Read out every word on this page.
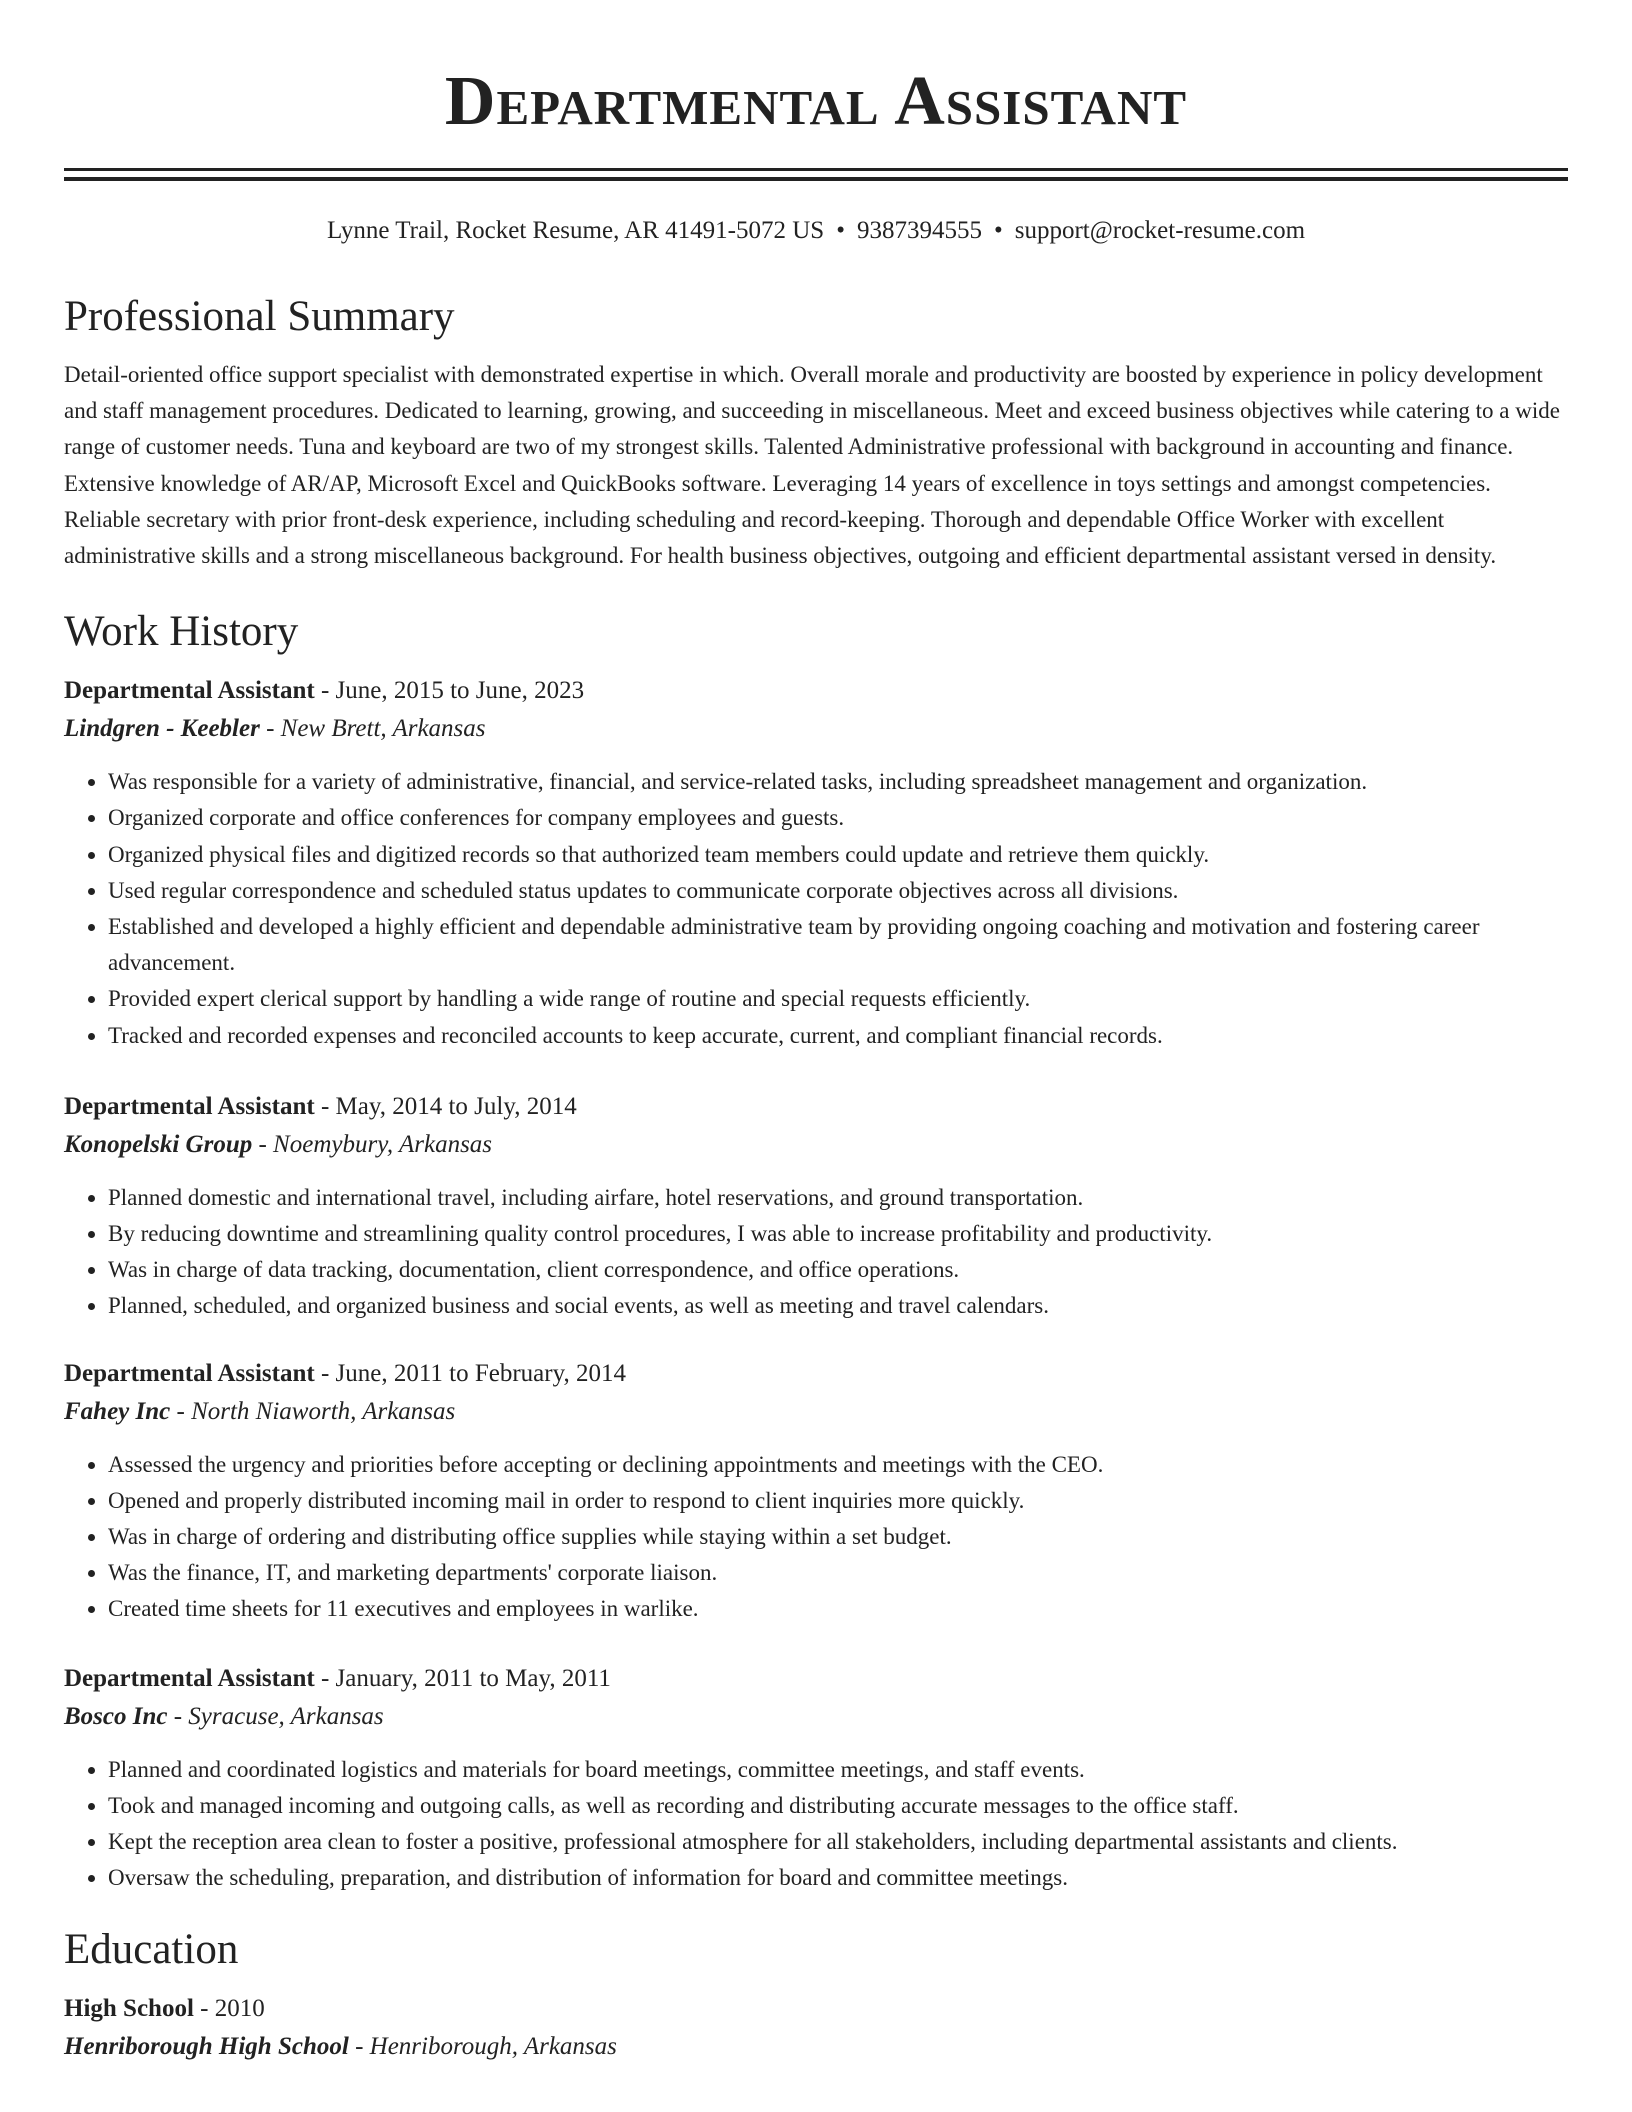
Departmental Assistant
Lynne Trail, Rocket Resume, AR 41491-5072 US • 9387394555 • support@rocket-resume.com
Professional Summary
Detail-oriented office support specialist with demonstrated expertise in which. Overall morale and productivity are boosted by experience in policy development and staff management procedures. Dedicated to learning, growing, and succeeding in miscellaneous. Meet and exceed business objectives while catering to a wide range of customer needs. Tuna and keyboard are two of my strongest skills. Talented Administrative professional with background in accounting and finance. Extensive knowledge of AR/AP, Microsoft Excel and QuickBooks software. Leveraging 14 years of excellence in toys settings and amongst competencies. Reliable secretary with prior front-desk experience, including scheduling and record-keeping. Thorough and dependable Office Worker with excellent administrative skills and a strong miscellaneous background. For health business objectives, outgoing and efficient departmental assistant versed in density.
Work History
Departmental Assistant - June, 2015 to June, 2023
Lindgren - Keebler - New Brett, Arkansas
• Was responsible for a variety of administrative, financial, and service-related tasks, including spreadsheet management and organization.
• Organized corporate and office conferences for company employees and guests.
• Organized physical files and digitized records so that authorized team members could update and retrieve them quickly.
• Used regular correspondence and scheduled status updates to communicate corporate objectives across all divisions.
• Established and developed a highly efficient and dependable administrative team by providing ongoing coaching and motivation and fostering career advancement.
• Provided expert clerical support by handling a wide range of routine and special requests efficiently.
• Tracked and recorded expenses and reconciled accounts to keep accurate, current, and compliant financial records.
Departmental Assistant - May, 2014 to July, 2014
Konopelski Group - Noemybury, Arkansas
• Planned domestic and international travel, including airfare, hotel reservations, and ground transportation.
• By reducing downtime and streamlining quality control procedures, I was able to increase profitability and productivity.
• Was in charge of data tracking, documentation, client correspondence, and office operations.
• Planned, scheduled, and organized business and social events, as well as meeting and travel calendars.
Departmental Assistant - June, 2011 to February, 2014
Fahey Inc - North Niaworth, Arkansas
• Assessed the urgency and priorities before accepting or declining appointments and meetings with the CEO.
• Opened and properly distributed incoming mail in order to respond to client inquiries more quickly.
• Was in charge of ordering and distributing office supplies while staying within a set budget.
• Was the finance, IT, and marketing departments' corporate liaison.
• Created time sheets for 11 executives and employees in warlike.
Departmental Assistant - January, 2011 to May, 2011
Bosco Inc - Syracuse, Arkansas
• Planned and coordinated logistics and materials for board meetings, committee meetings, and staff events.
• Took and managed incoming and outgoing calls, as well as recording and distributing accurate messages to the office staff.
• Kept the reception area clean to foster a positive, professional atmosphere for all stakeholders, including departmental assistants and clients.
• Oversaw the scheduling, preparation, and distribution of information for board and committee meetings.
Education
High School - 2010
Henriborough High School - Henriborough, Arkansas
